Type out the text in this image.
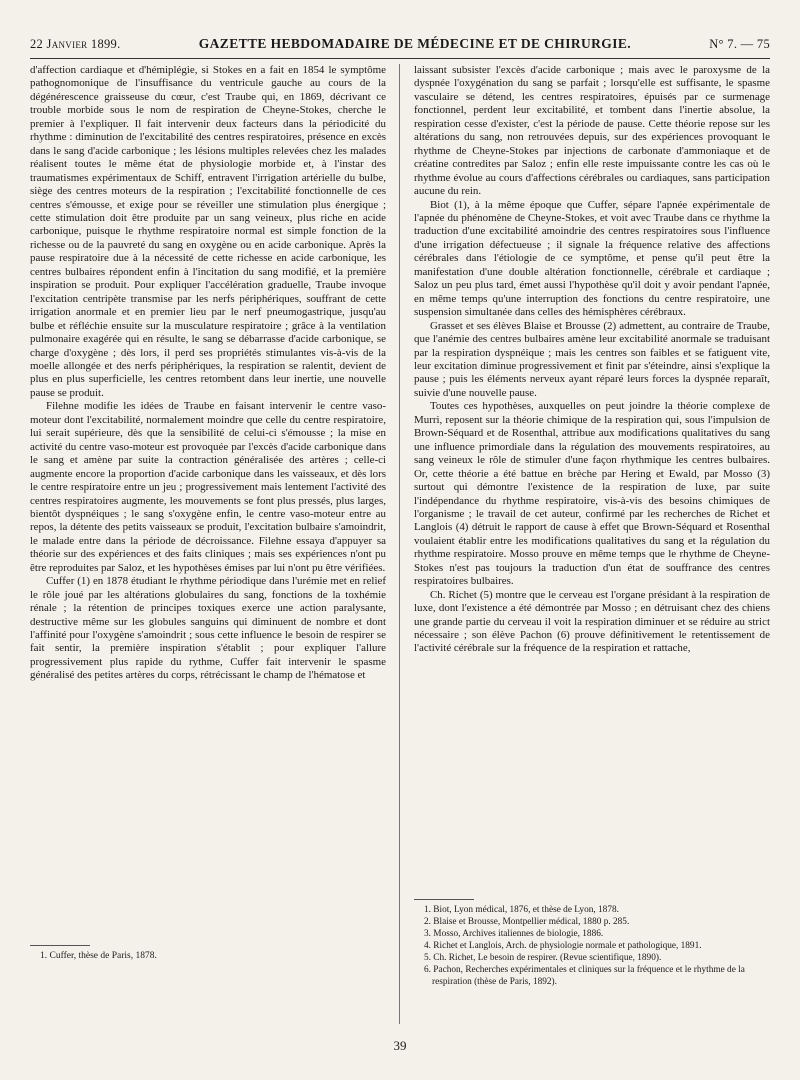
22 Janvier 1899.	GAZETTE HEBDOMADAIRE DE MÉDECINE ET DE CHIRURGIE.	N° 7. — 75

d'affection cardiaque et d'hémiplégie, si Stokes en a fait en 1854 le symptôme pathognomonique de l'insuffisance du ventricule gauche au cours de la dégénérescence graisseuse du cœur, c'est Traube qui, en 1869, décrivant ce trouble morbide sous le nom de respiration de Cheyne-Stokes, cherche le premier à l'expliquer. Il fait intervenir deux facteurs dans la périodicité du rhythme : diminution de l'excitabilité des centres respiratoires, présence en excès dans le sang d'acide carbonique ; les lésions multiples relevées chez les malades réalisent toutes le même état de physiologie morbide et, à l'instar des traumatismes expérimentaux de Schiff, entravent l'irrigation artérielle du bulbe, siège des centres moteurs de la respiration ; l'excitabilité fonctionnelle de ces centres s'émousse, et exige pour se réveiller une stimulation plus énergique ; cette stimulation doit être produite par un sang veineux, plus riche en acide carbonique, puisque le rhythme respiratoire normal est simple fonction de la richesse ou de la pauvreté du sang en oxygène ou en acide carbonique. Après la pause respiratoire due à la nécessité de cette richesse en acide carbonique, les centres bulbaires répondent enfin à l'incitation du sang modifié, et la première inspiration se produit. Pour expliquer l'accélération graduelle, Traube invoque l'excitation centripète transmise par les nerfs périphériques, souffrant de cette irrigation anormale et en premier lieu par le nerf pneumogastrique, jusqu'au bulbe et réfléchie ensuite sur la musculature respiratoire ; grâce à la ventilation pulmonaire exagérée qui en résulte, le sang se débarrasse d'acide carbonique, se charge d'oxygène ; dès lors, il perd ses propriétés stimulantes vis-à-vis de la moelle allongée et des nerfs périphériques, la respiration se ralentit, devient de plus en plus superficielle, les centres retombent dans leur inertie, une nouvelle pause se produit.

Filehne modifie les idées de Traube en faisant intervenir le centre vaso-moteur dont l'excitabilité, normalement moindre que celle du centre respiratoire, lui serait supérieure, dès que la sensibilité de celui-ci s'émousse ; la mise en activité du centre vaso-moteur est provoquée par l'excès d'acide carbonique dans le sang et amène par suite la contraction généralisée des artères ; celle-ci augmente encore la proportion d'acide carbonique dans les vaisseaux, et dès lors le centre respiratoire entre un jeu ; progressivement mais lentement l'activité des centres respiratoires augmente, les mouvements se font plus pressés, plus larges, bientôt dyspnéiques ; le sang s'oxygène enfin, le centre vaso-moteur entre au repos, la détente des petits vaisseaux se produit, l'excitation bulbaire s'amoindrit, le malade entre dans la période de décroissance. Filehne essaya d'appuyer sa théorie sur des expériences et des faits cliniques ; mais ses expériences n'ont pu être reproduites par Saloz, et les hypothèses émises par lui n'ont pu être vérifiées.

Cuffer (1) en 1878 étudiant le rhythme périodique dans l'urémie met en relief le rôle joué par les altérations globulaires du sang, fonctions de la toxhémie rénale ; la rétention de principes toxiques exerce une action paralysante, destructive même sur les globules sanguins qui diminuent de nombre et dont l'affinité pour l'oxygène s'amoindrit ; sous cette influence le besoin de respirer se fait sentir, la première inspiration s'établit ; pour expliquer l'allure progressivement plus rapide du rythme, Cuffer fait intervenir le spasme généralisé des petites artères du corps, rétrécissant le champ de l'hématose et

laissant subsister l'excès d'acide carbonique ; mais avec le paroxysme de la dyspnée l'oxygénation du sang se parfait ; lorsqu'elle est suffisante, le spasme vasculaire se détend, les centres respiratoires, épuisés par ce surmenage fonctionnel, perdent leur excitabilité, et tombent dans l'inertie absolue, la respiration cesse d'exister, c'est la période de pause. Cette théorie repose sur les altérations du sang, non retrouvées depuis, sur des expériences provoquant le rhythme de Cheyne-Stokes par injections de carbonate d'ammoniaque et de créatine contredites par Saloz ; enfin elle reste impuissante contre les cas où le rhythme évolue au cours d'affections cérébrales ou cardiaques, sans participation aucune du rein.

Biot (1), à la même époque que Cuffer, sépare l'apnée expérimentale de l'apnée du phénomène de Cheyne-Stokes, et voit avec Traube dans ce rhythme la traduction d'une excitabilité amoindrie des centres respiratoires sous l'influence d'une irrigation défectueuse ; il signale la fréquence relative des affections cérébrales dans l'étiologie de ce symptôme, et pense qu'il peut être la manifestation d'une double altération fonctionnelle, cérébrale et cardiaque ; Saloz un peu plus tard, émet aussi l'hypothèse qu'il doit y avoir pendant l'apnée, en même temps qu'une interruption des fonctions du centre respiratoire, une suspension simultanée dans celles des hémisphères cérébraux.

Grasset et ses élèves Blaise et Brousse (2) admettent, au contraire de Traube, que l'anémie des centres bulbaires amène leur excitabilité anormale se traduisant par la respiration dyspnéique ; mais les centres son faibles et se fatiguent vite, leur excitation diminue progressivement et finit par s'éteindre, ainsi s'explique la pause ; puis les éléments nerveux ayant réparé leurs forces la dyspnée reparaît, suivie d'une nouvelle pause.

Toutes ces hypothèses, auxquelles on peut joindre la théorie complexe de Murri, reposent sur la théorie chimique de la respiration qui, sous l'impulsion de Brown-Séquard et de Rosenthal, attribue aux modifications qualitatives du sang une influence primordiale dans la régulation des mouvements respiratoires, au sang veineux le rôle de stimuler d'une façon rhythmique les centres bulbaires. Or, cette théorie a été battue en brèche par Hering et Ewald, par Mosso (3) surtout qui démontre l'existence de la respiration de luxe, par suite l'indépendance du rhythme respiratoire, vis-à-vis des besoins chimiques de l'organisme ; le travail de cet auteur, confirmé par les recherches de Richet et Langlois (4) détruit le rapport de cause à effet que Brown-Séquard et Rosenthal voulaient établir entre les modifications qualitatives du sang et la régulation du rhythme respiratoire. Mosso prouve en même temps que le rhythme de Cheyne-Stokes n'est pas toujours la traduction d'un état de souffrance des centres respiratoires bulbaires.

Ch. Richet (5) montre que le cerveau est l'organe présidant à la respiration de luxe, dont l'existence a été démontrée par Mosso ; en détruisant chez des chiens une grande partie du cerveau il voit la respiration diminuer et se réduire au strict nécessaire ; son élève Pachon (6) prouve définitivement le retentissement de l'activité cérébrale sur la fréquence de la respiration et rattache,

1. Cuffer, thèse de Paris, 1878.
1. Biot, Lyon médical, 1876, et thèse de Lyon, 1878.
2. Blaise et Brousse, Montpellier médical, 1880 p. 285.
3. Mosso, Archives italiennes de biologie, 1886.
4. Richet et Langlois, Arch. de physiologie normale et pathologique, 1891.
5. Ch. Richet, Le besoin de respirer. (Revue scientifique, 1890).
6. Pachon, Recherches expérimentales et cliniques sur la fréquence et le rhythme de la respiration (thèse de Paris, 1892).
39
